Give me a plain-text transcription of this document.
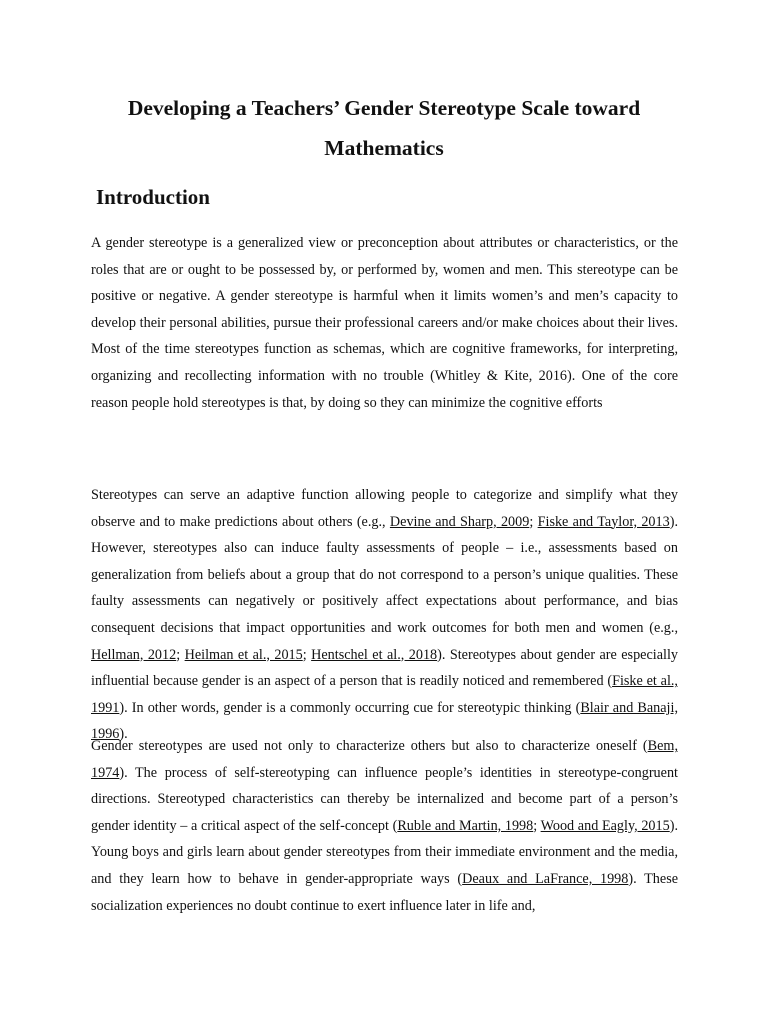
Developing a Teachers’ Gender Stereotype Scale toward
Mathematics
Introduction

A gender stereotype is a generalized view or preconception about attributes or characteristics, or the roles that are or ought to be possessed by, or performed by, women and men. This stereotype can be positive or negative. A gender stereotype is harmful when it limits women’s and men’s capacity to develop their personal abilities, pursue their professional careers and/or make choices about their lives. Most of the time stereotypes function as schemas, which are cognitive frameworks, for interpreting, organizing and recollecting information with no trouble (Whitley & Kite, 2016). One of the core reason people hold stereotypes is that, by doing so they can minimize the cognitive efforts

Stereotypes can serve an adaptive function allowing people to categorize and simplify what they observe and to make predictions about others (e.g., Devine and Sharp, 2009; Fiske and Taylor, 2013). However, stereotypes also can induce faulty assessments of people – i.e., assessments based on generalization from beliefs about a group that do not correspond to a person’s unique qualities. These faulty assessments can negatively or positively affect expectations about performance, and bias consequent decisions that impact opportunities and work outcomes for both men and women (e.g., Hellman, 2012; Heilman et al., 2015; Hentschel et al., 2018). Stereotypes about gender are especially influential because gender is an aspect of a person that is readily noticed and remembered (Fiske et al., 1991). In other words, gender is a commonly occurring cue for stereotypic thinking (Blair and Banaji, 1996).

Gender stereotypes are used not only to characterize others but also to characterize oneself (Bem, 1974). The process of self-stereotyping can influence people’s identities in stereotype-congruent directions. Stereotyped characteristics can thereby be internalized and become part of a person’s gender identity – a critical aspect of the self-concept (Ruble and Martin, 1998; Wood and Eagly, 2015). Young boys and girls learn about gender stereotypes from their immediate environment and the media, and they learn how to behave in gender-appropriate ways (Deaux and LaFrance, 1998). These socialization experiences no doubt continue to exert influence later in life and,
